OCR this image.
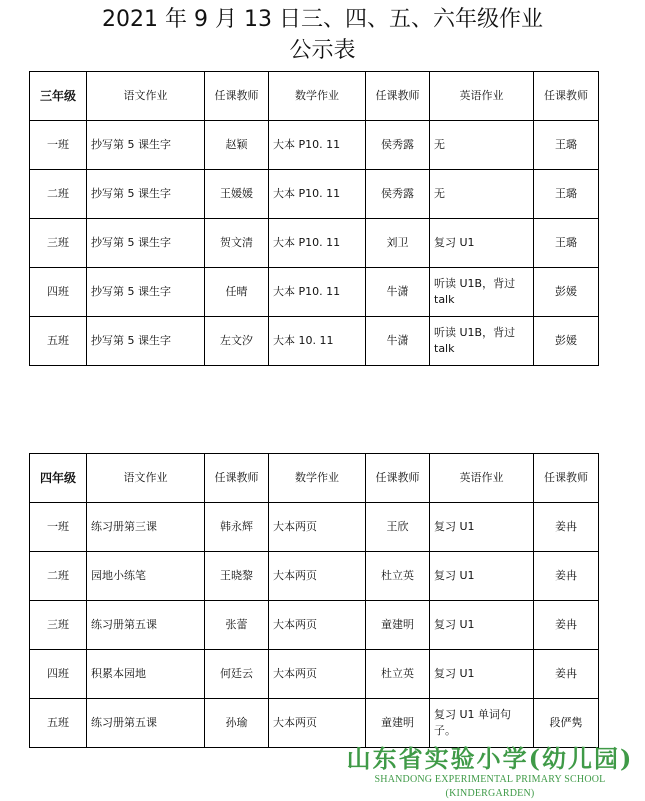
2021 年 9 月 13 日三、四、五、六年级作业
公示表
三年级	语文作业	任课教师	数学作业	任课教师	英语作业	任课教师
一班	抄写第 5 课生字	赵颖	大本 P10. 11	侯秀露	无	王璐
二班	抄写第 5 课生字	王媛媛	大本 P10. 11	侯秀露	无	王璐
三班	抄写第 5 课生字	贺文清	大本 P10. 11	刘卫	复习 U1	王璐
四班	抄写第 5 课生字	任晴	大本 P10. 11	牛潇	听读 U1B，背过 talk	彭媛
五班	抄写第 5 课生字	左文汐	大本 10. 11	牛潇	听读 U1B，背过 talk	彭媛
四年级	语文作业	任课教师	数学作业	任课教师	英语作业	任课教师
一班	练习册第三课	韩永辉	大本两页	王欣	复习 U1	姜冉
二班	园地小练笔	王晓黎	大本两页	杜立英	复习 U1	姜冉
三班	练习册第五课	张蕾	大本两页	童建明	复习 U1	姜冉
四班	积累本园地	何廷云	大本两页	杜立英	复习 U1	姜冉
五班	练习册第五课	孙瑜	大本两页	童建明	复习 U1 单词句子。	段俨隽
山东省实验小学(幼儿园)
SHANDONG EXPERIMENTAL PRIMARY SCHOOL (KINDERGARDEN)
